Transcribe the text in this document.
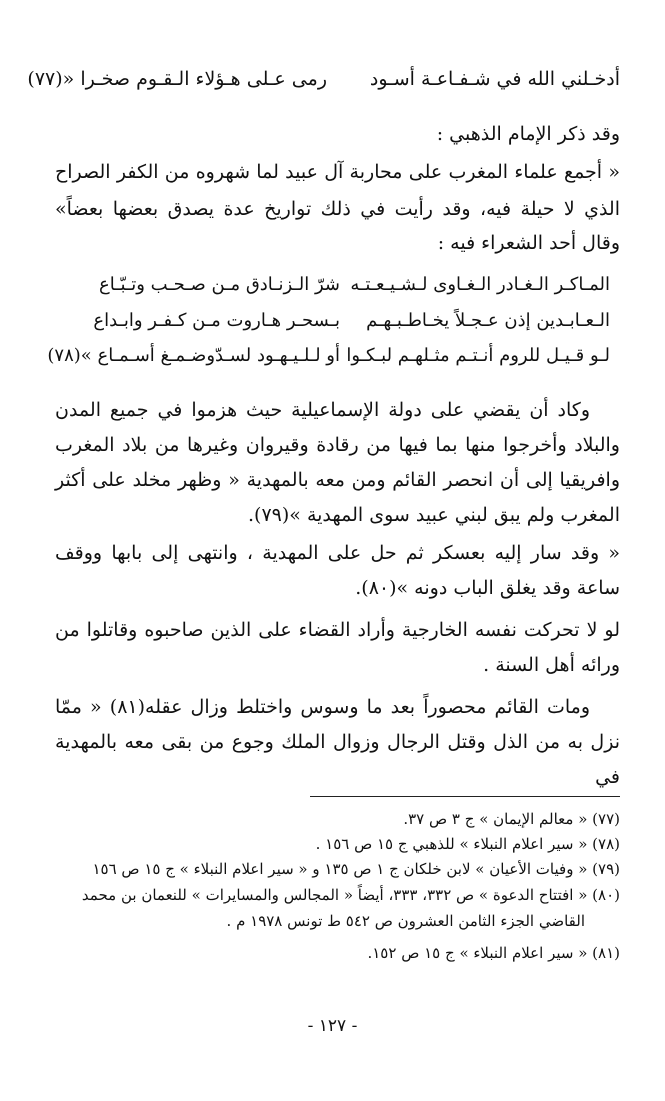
أدخـلني الله في شـفـاعـة أسـود
رمى عـلى هـؤلاء الـقـوم صخـرا «(٧٧)
وقد ذكر الإمام الذهبي :
« أجمع علماء المغرب على محاربة آل عبيد لما شهروه من الكفر الصراح
الذي لا حيلة فيه، وقد رأيت في ذلك تواريخ عدة يصدق بعضها بعضاً»
وقال أحد الشعراء فيه :
المـاكـر الـغـادر الـغـاوى لـشـيـعـتـه
شرّ الـزنـادق مـن صـحـب وتـبّـاع
الـعـابـدين إذن عـجـلاً يخـاطـبـهـم
بـسحـر هـاروت مـن كـفـر وابـداع
لـو قـيـل للروم أنـتـم مثـلهـم لبـكـوا
أو لـلـيـهـود لسـدّوضـمـغ أسـمـاع »(٧٨)
وكاد أن يقضي على دولة الإسماعيلية حيث هزموا في جميع المدن والبلاد وأخرجوا منها بما فيها من رقادة وقيروان وغيرها من بلاد المغرب وافريقيا إلى أن انحصر القائم ومن معه بالمهدية « وظهر مخلد على أكثر المغرب ولم يبق لبني عبيد سوى المهدية »(٧٩).
« وقد سار إليه بعسكر ثم حل على المهدية ، وانتهى إلى بابها ووقف ساعة وقد يغلق الباب دونه »(٨٠).
لو لا تحركت نفسه الخارجية وأراد القضاء على الذين صاحبوه وقاتلوا من ورائه أهل السنة .
ومات القائم محصوراً بعد ما وسوس واختلط وزال عقله(٨١) « ممّا نزل به من الذل وقتل الرجال وزوال الملك وجوع من بقى معه بالمهدية في
(٧٧) « معالم الإيمان » ج ٣ ص ٣٧.
(٧٨) « سير اعلام النبلاء » للذهبي ج ١٥ ص ١٥٦ .
(٧٩) « وفيات الأعيان » لابن خلكان ج ١ ص ١٣٥ و « سير اعلام النبلاء » ج ١٥ ص ١٥٦
(٨٠) « افتتاح الدعوة » ص ٣٣٢، ٣٣٣، أيضاً « المجالس والمسايرات » للنعمان بن محمد
القاضي الجزء الثامن العشرون ص ٥٤٢ ط تونس ١٩٧٨ م .
(٨١) « سير اعلام النبلاء » ج ١٥ ص ١٥٢.
- ١٢٧ -
